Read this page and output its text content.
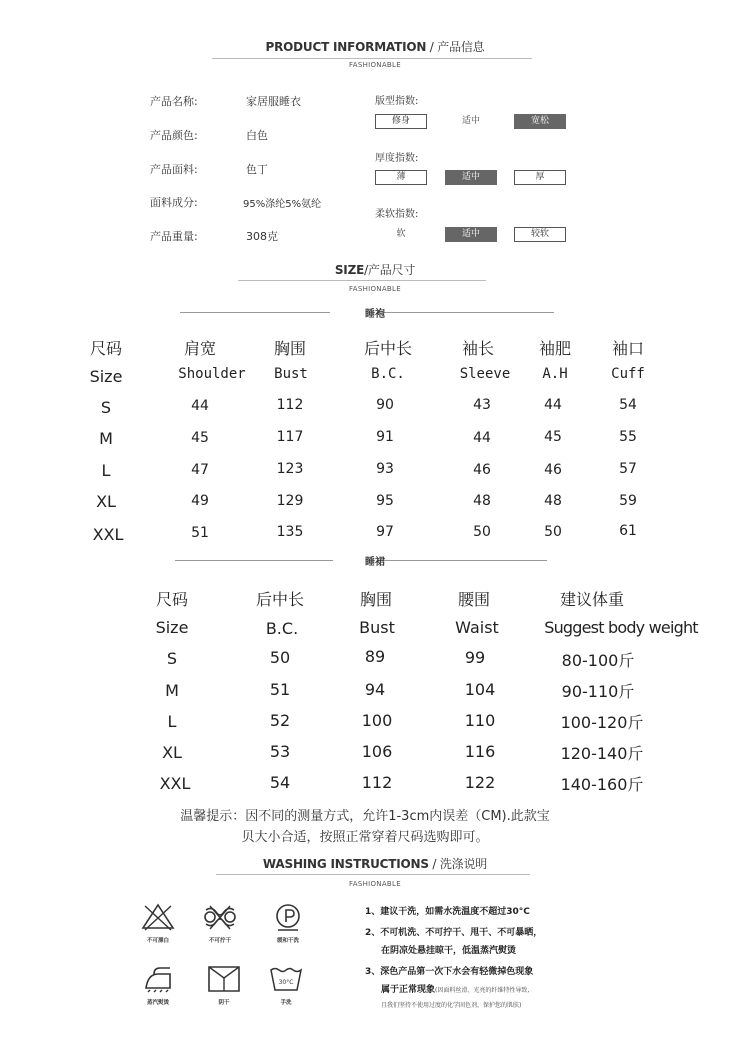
PRODUCT INFORMATION / 产品信息
FASHIONABLE
产品名称:	家居服睡衣
产品颜色:	白色
产品面料:	色丁
面料成分:	95%涤纶5%氨纶
产品重量:	308克
版型指数:
修身	适中	宽松
厚度指数:
薄	适中	厚
柔软指数:
软	适中	较软
SIZE/产品尺寸
FASHIONABLE
睡袍
尺码	肩宽	胸围	后中长	袖长	袖肥	袖口
Size	Shoulder	Bust	B.C.	Sleeve	A.H	Cuff
S	44	112	90	43	44	54
M	45	117	91	44	45	55
L	47	123	93	46	46	57
XL	49	129	95	48	48	59
XXL	51	135	97	50	50	61
睡裙
尺码	后中长	胸围	腰围	建议体重
Size	B.C.	Bust	Waist	Suggest body weight
S	50	89	99	80-100斤
M	51	94	104	90-110斤
L	52	100	110	100-120斤
XL	53	106	116	120-140斤
XXL	54	112	122	140-160斤
温馨提示：因不同的测量方式，允许1-3cm内误差（CM).此款宝
贝大小合适，按照正常穿着尺码选购即可。
WASHING INSTRUCTIONS / 洗涤说明
FASHIONABLE
不可漂白	不可拧干	缓和干洗
蒸汽熨烫	阴干
30°C
手洗
1、建议干洗，如需水洗温度不超过30°C
2、不可机洗、不可拧干、甩干、不可暴晒，
在阴凉处悬挂晾干，低温蒸汽熨烫
3、深色产品第一次下水会有轻微掉色现象
属于正常现象(因面料丝滑、光亮的纤维特性导致,
且我们坚持不使用过度的化学固色剂，保护您的肌肤)
